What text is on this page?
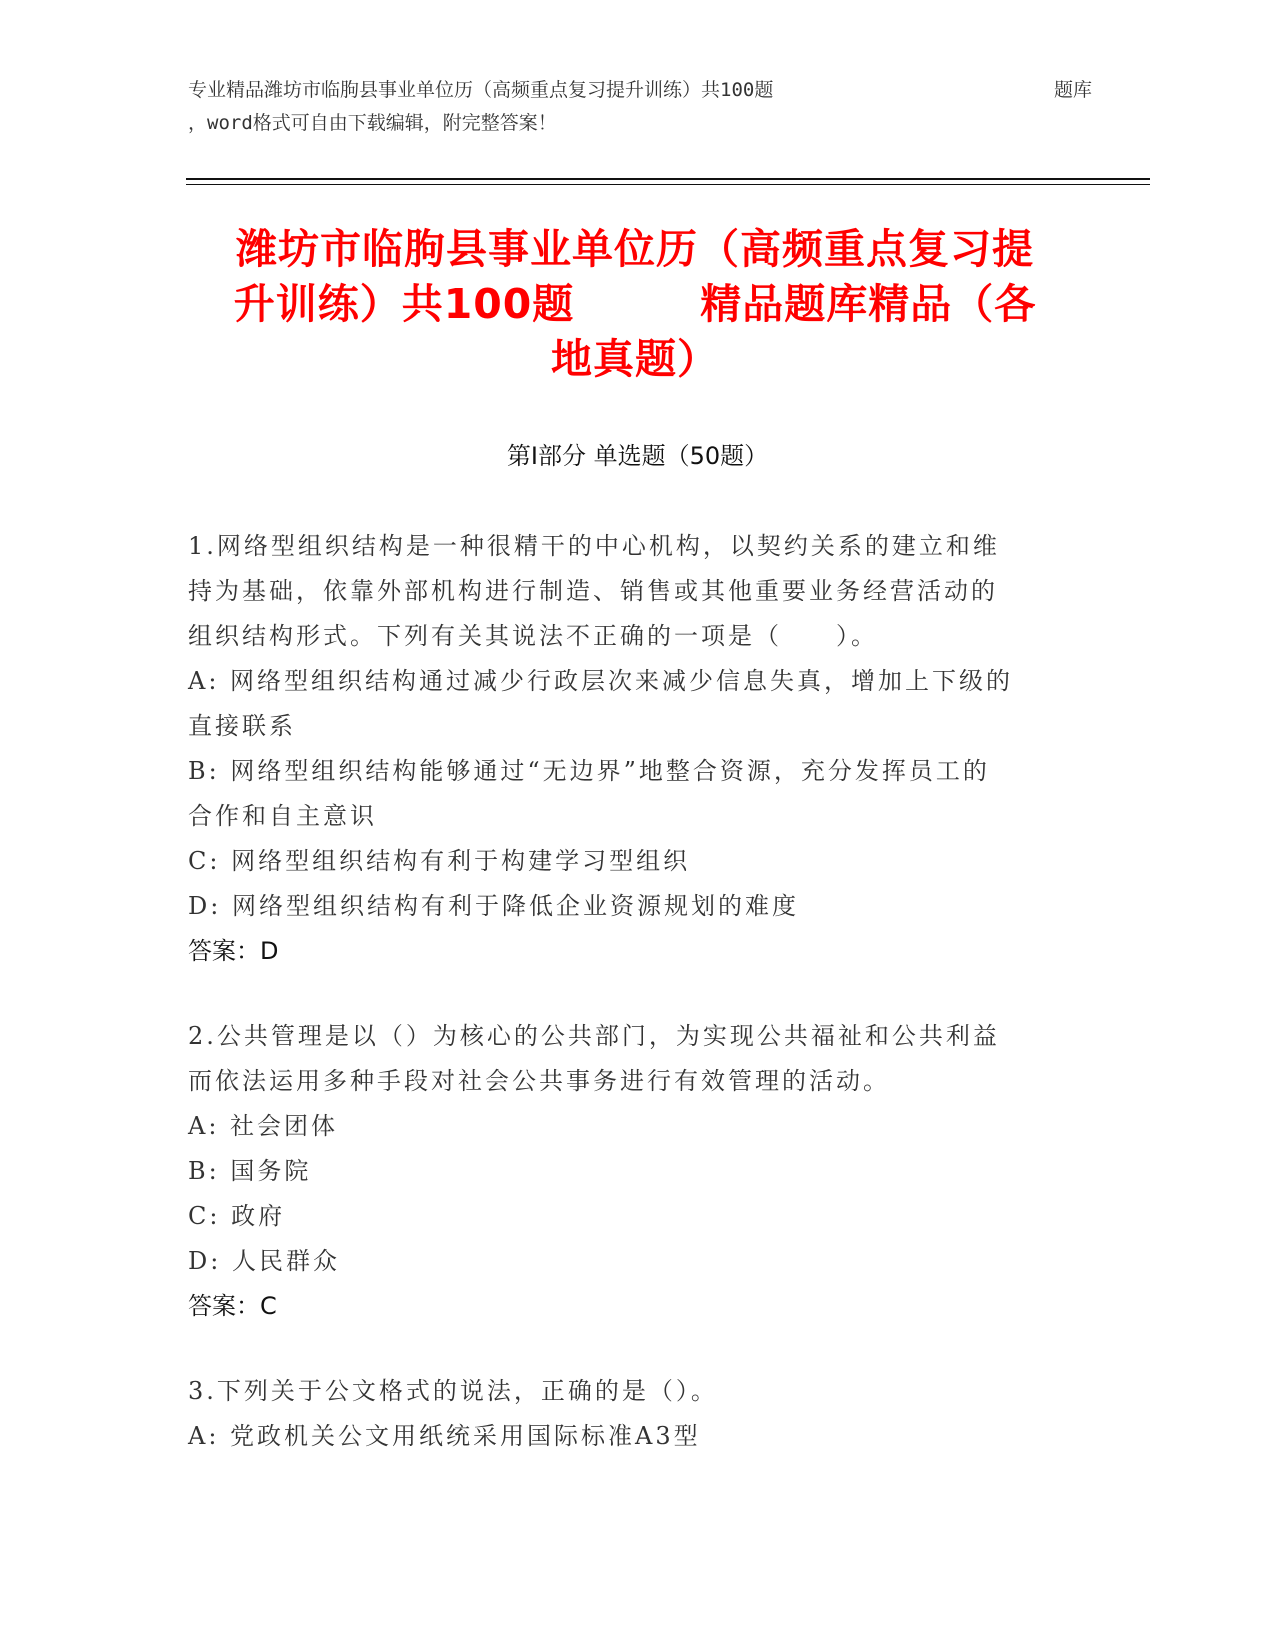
专业精品潍坊市临朐县事业单位历（高频重点复习提升训练）共100题	题库
，word格式可自由下载编辑，附完整答案！
潍坊市临朐县事业单位历（高频重点复习提
升训练）共100题　　　精品题库精品（各
地真题）
第Ⅰ部分 单选题（50题）

1.网络型组织结构是一种很精干的中心机构，以契约关系的建立和维

持为基础，依靠外部机构进行制造、销售或其他重要业务经营活动的

组织结构形式。下列有关其说法不正确的一项是（　　）。

A: 网络型组织结构通过减少行政层次来减少信息失真，增加上下级的

直接联系

B: 网络型组织结构能够通过“无边界”地整合资源，充分发挥员工的

合作和自主意识

C: 网络型组织结构有利于构建学习型组织

D: 网络型组织结构有利于降低企业资源规划的难度

答案：D

2.公共管理是以（）为核心的公共部门，为实现公共福祉和公共利益

而依法运用多种手段对社会公共事务进行有效管理的活动。

A: 社会团体

B: 国务院

C: 政府

D: 人民群众

答案：C

3.下列关于公文格式的说法，正确的是（）。

A: 党政机关公文用纸统采用国际标准A3型
